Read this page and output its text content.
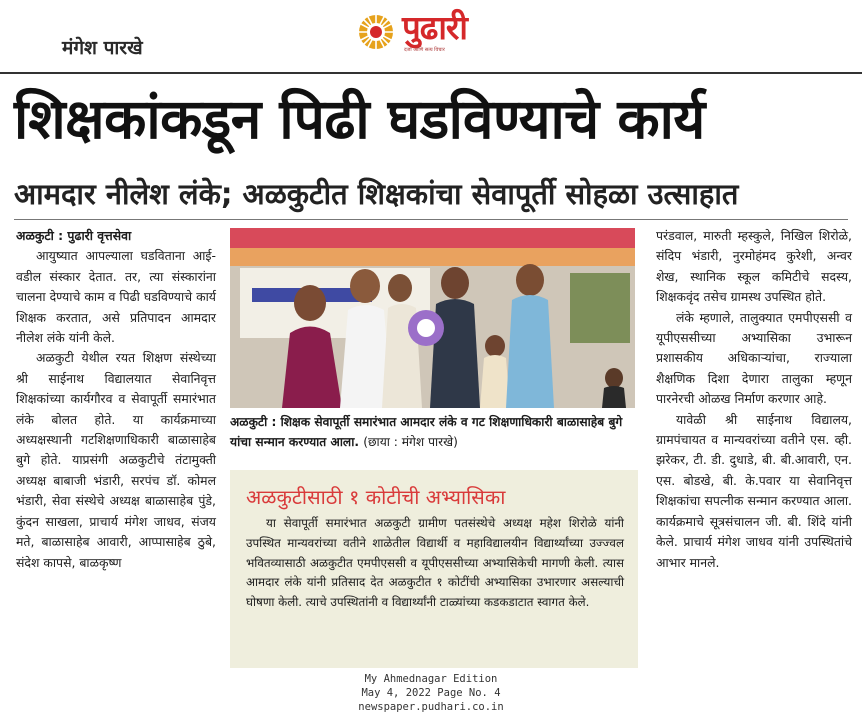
मंगेश पारखे
पुढारी
दर्जा आणि सत्य विचार
शिक्षकांकडून पिढी घडविण्याचे कार्य
आमदार नीलेश लंके; अळकुटीत शिक्षकांचा सेवापूर्ती सोहळा उत्साहात
अळकुटी : पुढारी वृत्तसेवा

आयुष्यात आपल्याला घडविताना आई-वडील संस्कार देतात. तर, त्या संस्कारांना चालना देण्याचे काम व पिढी घडविण्याचे कार्य शिक्षक करतात, असे प्रतिपादन आमदार नीलेश लंके यांनी केले.

अळकुटी येथील रयत शिक्षण संस्थेच्या श्री साईनाथ विद्यालयात सेवानिवृत्त शिक्षकांच्या कार्यगौरव व सेवापूर्ती समारंभात लंके बोलत होते. या कार्यक्रमाच्या अध्यक्षस्थानी गटशिक्षणाधिकारी बाळासाहेब बुगे होते. याप्रसंगी अळकुटीचे तंटामुक्ती अध्यक्ष बाबाजी भंडारी, सरपंच डॉ. कोमल भंडारी, सेवा संस्थेचे अध्यक्ष बाळासाहेब पुंडे, कुंदन साखला, प्राचार्य मंगेश जाधव, संजय मते, बाळासाहेब आवारी, आप्पासाहेब ठुबे, संदेश कापसे, बाळकृष्ण

अळकुटी : शिक्षक सेवापूर्ती समारंभात आमदार लंके व गट शिक्षणाधिकारी बाळासाहेब बुगे यांचा सन्मान करण्यात आला. (छाया : मंगेश पारखे)
अळकुटीसाठी १ कोटीची अभ्यासिका

या सेवापूर्ती समारंभात अळकुटी ग्रामीण पतसंस्थेचे अध्यक्ष महेश शिरोळे यांनी उपस्थित मान्यवरांच्या वतीने शाळेतील विद्यार्थी व महाविद्यालयीन विद्यार्थ्यांच्या उज्ज्वल भवितव्यासाठी अळकुटीत एमपीएससी व यूपीएससीच्या अभ्यासिकेची मागणी केली. त्यास आमदार लंके यांनी प्रतिसाद देत अळकुटीत १ कोटींची अभ्यासिका उभारणार असल्याची घोषणा केली. त्याचे उपस्थितांनी व विद्यार्थ्यांनी टाळ्यांच्या कडकडाटात स्वागत केले.

परंडवाल, मारुती म्हस्कुले, निखिल शिरोळे, संदिप भंडारी, नुरमोहंमद कुरेशी, अन्वर शेख, स्थानिक स्कूल कमिटीचे सदस्य, शिक्षकवृंद तसेच ग्रामस्थ उपस्थित होते.

लंके म्हणाले, तालुक्यात एमपीएससी व यूपीएससीच्या अभ्यासिका उभारून प्रशासकीय अधिकाऱ्यांचा, राज्याला शैक्षणिक दिशा देणारा तालुका म्हणून पारनेरची ओळख निर्माण करणार आहे.

यावेळी श्री साईनाथ विद्यालय, ग्रामपंचायत व मान्यवरांच्या वतीने एस. व्ही. झरेकर, टी. डी. दुधाडे, बी. बी.आवारी, एन. एस. बोडखे, बी. के.पवार या सेवानिवृत्त शिक्षकांचा सपत्नीक सन्मान करण्यात आला. कार्यक्रमाचे सूत्रसंचालन जी. बी. शिंदे यांनी केले. प्राचार्य मंगेश जाधव यांनी उपस्थितांचे आभार मानले.

My Ahmednagar Edition
May 4, 2022 Page No. 4
newspaper.pudhari.co.in
